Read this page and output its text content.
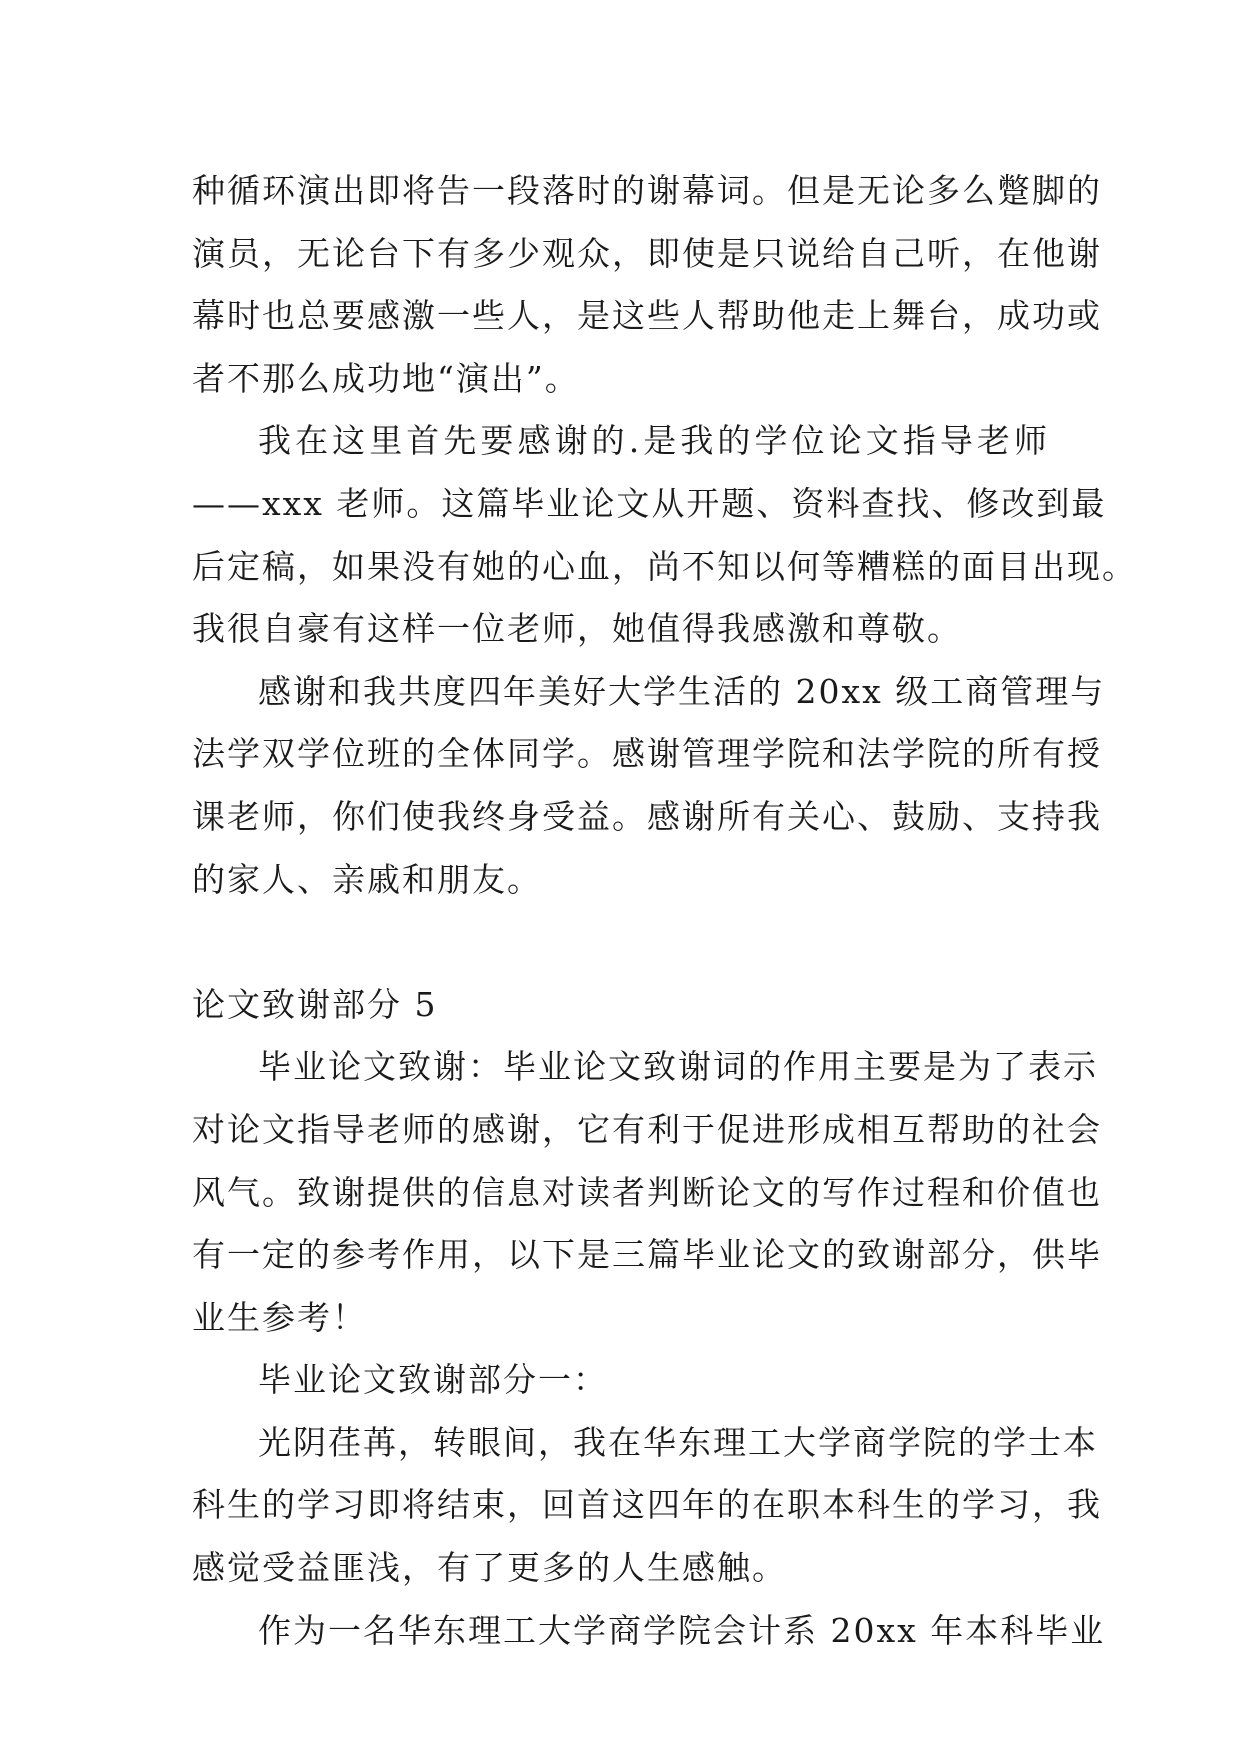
种循环演出即将告一段落时的谢幕词。但是无论多么蹩脚的
演员，无论台下有多少观众，即使是只说给自己听，在他谢
幕时也总要感激一些人，是这些人帮助他走上舞台，成功或
者不那么成功地“演出”。
我在这里首先要感谢的.是我的学位论文指导老师
——xxx 老师。这篇毕业论文从开题、资料查找、修改到最
后定稿，如果没有她的心血，尚不知以何等糟糕的面目出现。
我很自豪有这样一位老师，她值得我感激和尊敬。
感谢和我共度四年美好大学生活的 20xx 级工商管理与
法学双学位班的全体同学。感谢管理学院和法学院的所有授
课老师，你们使我终身受益。感谢所有关心、鼓励、支持我
的家人、亲戚和朋友。
论文致谢部分 5
毕业论文致谢：毕业论文致谢词的作用主要是为了表示
对论文指导老师的感谢，它有利于促进形成相互帮助的社会
风气。致谢提供的信息对读者判断论文的写作过程和价值也
有一定的参考作用，以下是三篇毕业论文的致谢部分，供毕
业生参考！
毕业论文致谢部分一：
光阴荏苒，转眼间，我在华东理工大学商学院的学士本
科生的学习即将结束，回首这四年的在职本科生的学习，我
感觉受益匪浅，有了更多的人生感触。
作为一名华东理工大学商学院会计系 20xx 年本科毕业
